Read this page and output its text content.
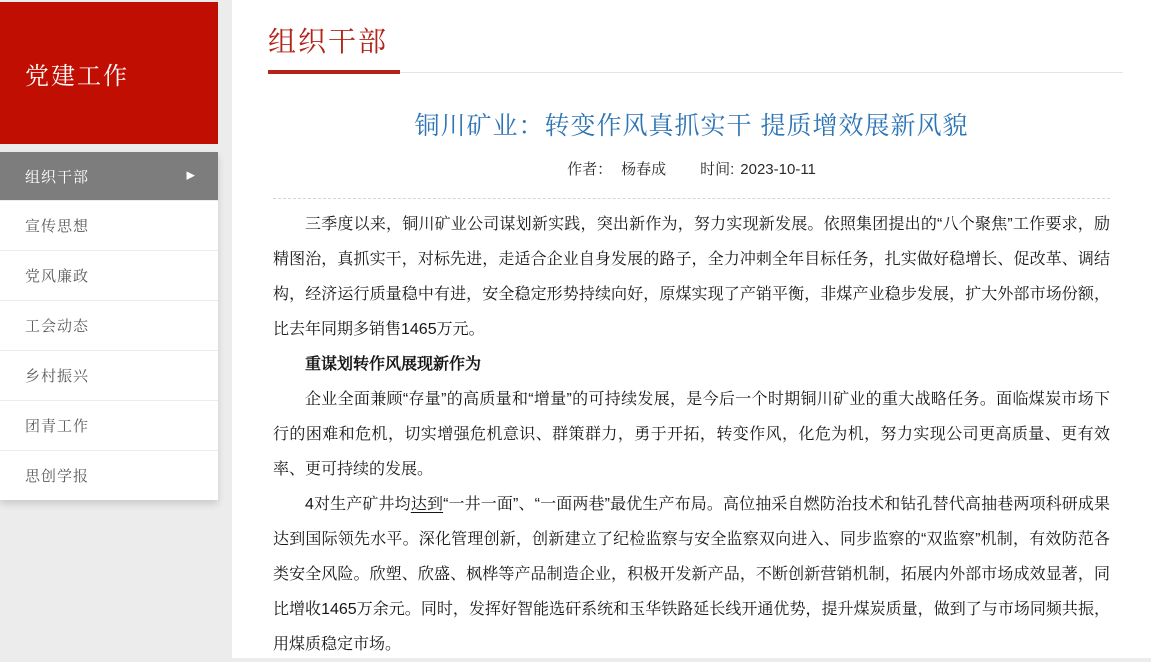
党建工作
组织干部	▶
宣传思想
党风廉政
工会动态
乡村振兴
团青工作
思创学报
组织干部
铜川矿业：转变作风真抓实干 提质增效展新风貌
作者： 杨春成 时间: 2023-10-11

三季度以来，铜川矿业公司谋划新实践，突出新作为，努力实现新发展。依照集团提出的“八个聚焦”工作要求，励精图治，真抓实干，对标先进，走适合企业自身发展的路子，全力冲刺全年目标任务，扎实做好稳增长、促改革、调结构，经济运行质量稳中有进，安全稳定形势持续向好，原煤实现了产销平衡，非煤产业稳步发展，扩大外部市场份额，比去年同期多销售1465万元。

重谋划转作风展现新作为

企业全面兼顾“存量”的高质量和“增量”的可持续发展，是今后一个时期铜川矿业的重大战略任务。面临煤炭市场下行的困难和危机，切实增强危机意识、群策群力，勇于开拓，转变作风，化危为机，努力实现公司更高质量、更有效率、更可持续的发展。

4对生产矿井均达到“一井一面”、“一面两巷”最优生产布局。高位抽采自燃防治技术和钻孔替代高抽巷两项科研成果达到国际领先水平。深化管理创新，创新建立了纪检监察与安全监察双向进入、同步监察的“双监察”机制，有效防范各类安全风险。欣塑、欣盛、枫桦等产品制造企业，积极开发新产品，不断创新营销机制，拓展内外部市场成效显著，同比增收1465万余元。同时，发挥好智能选矸系统和玉华铁路延长线开通优势，提升煤炭质量，做到了与市场同频共振，用煤质稳定市场。
